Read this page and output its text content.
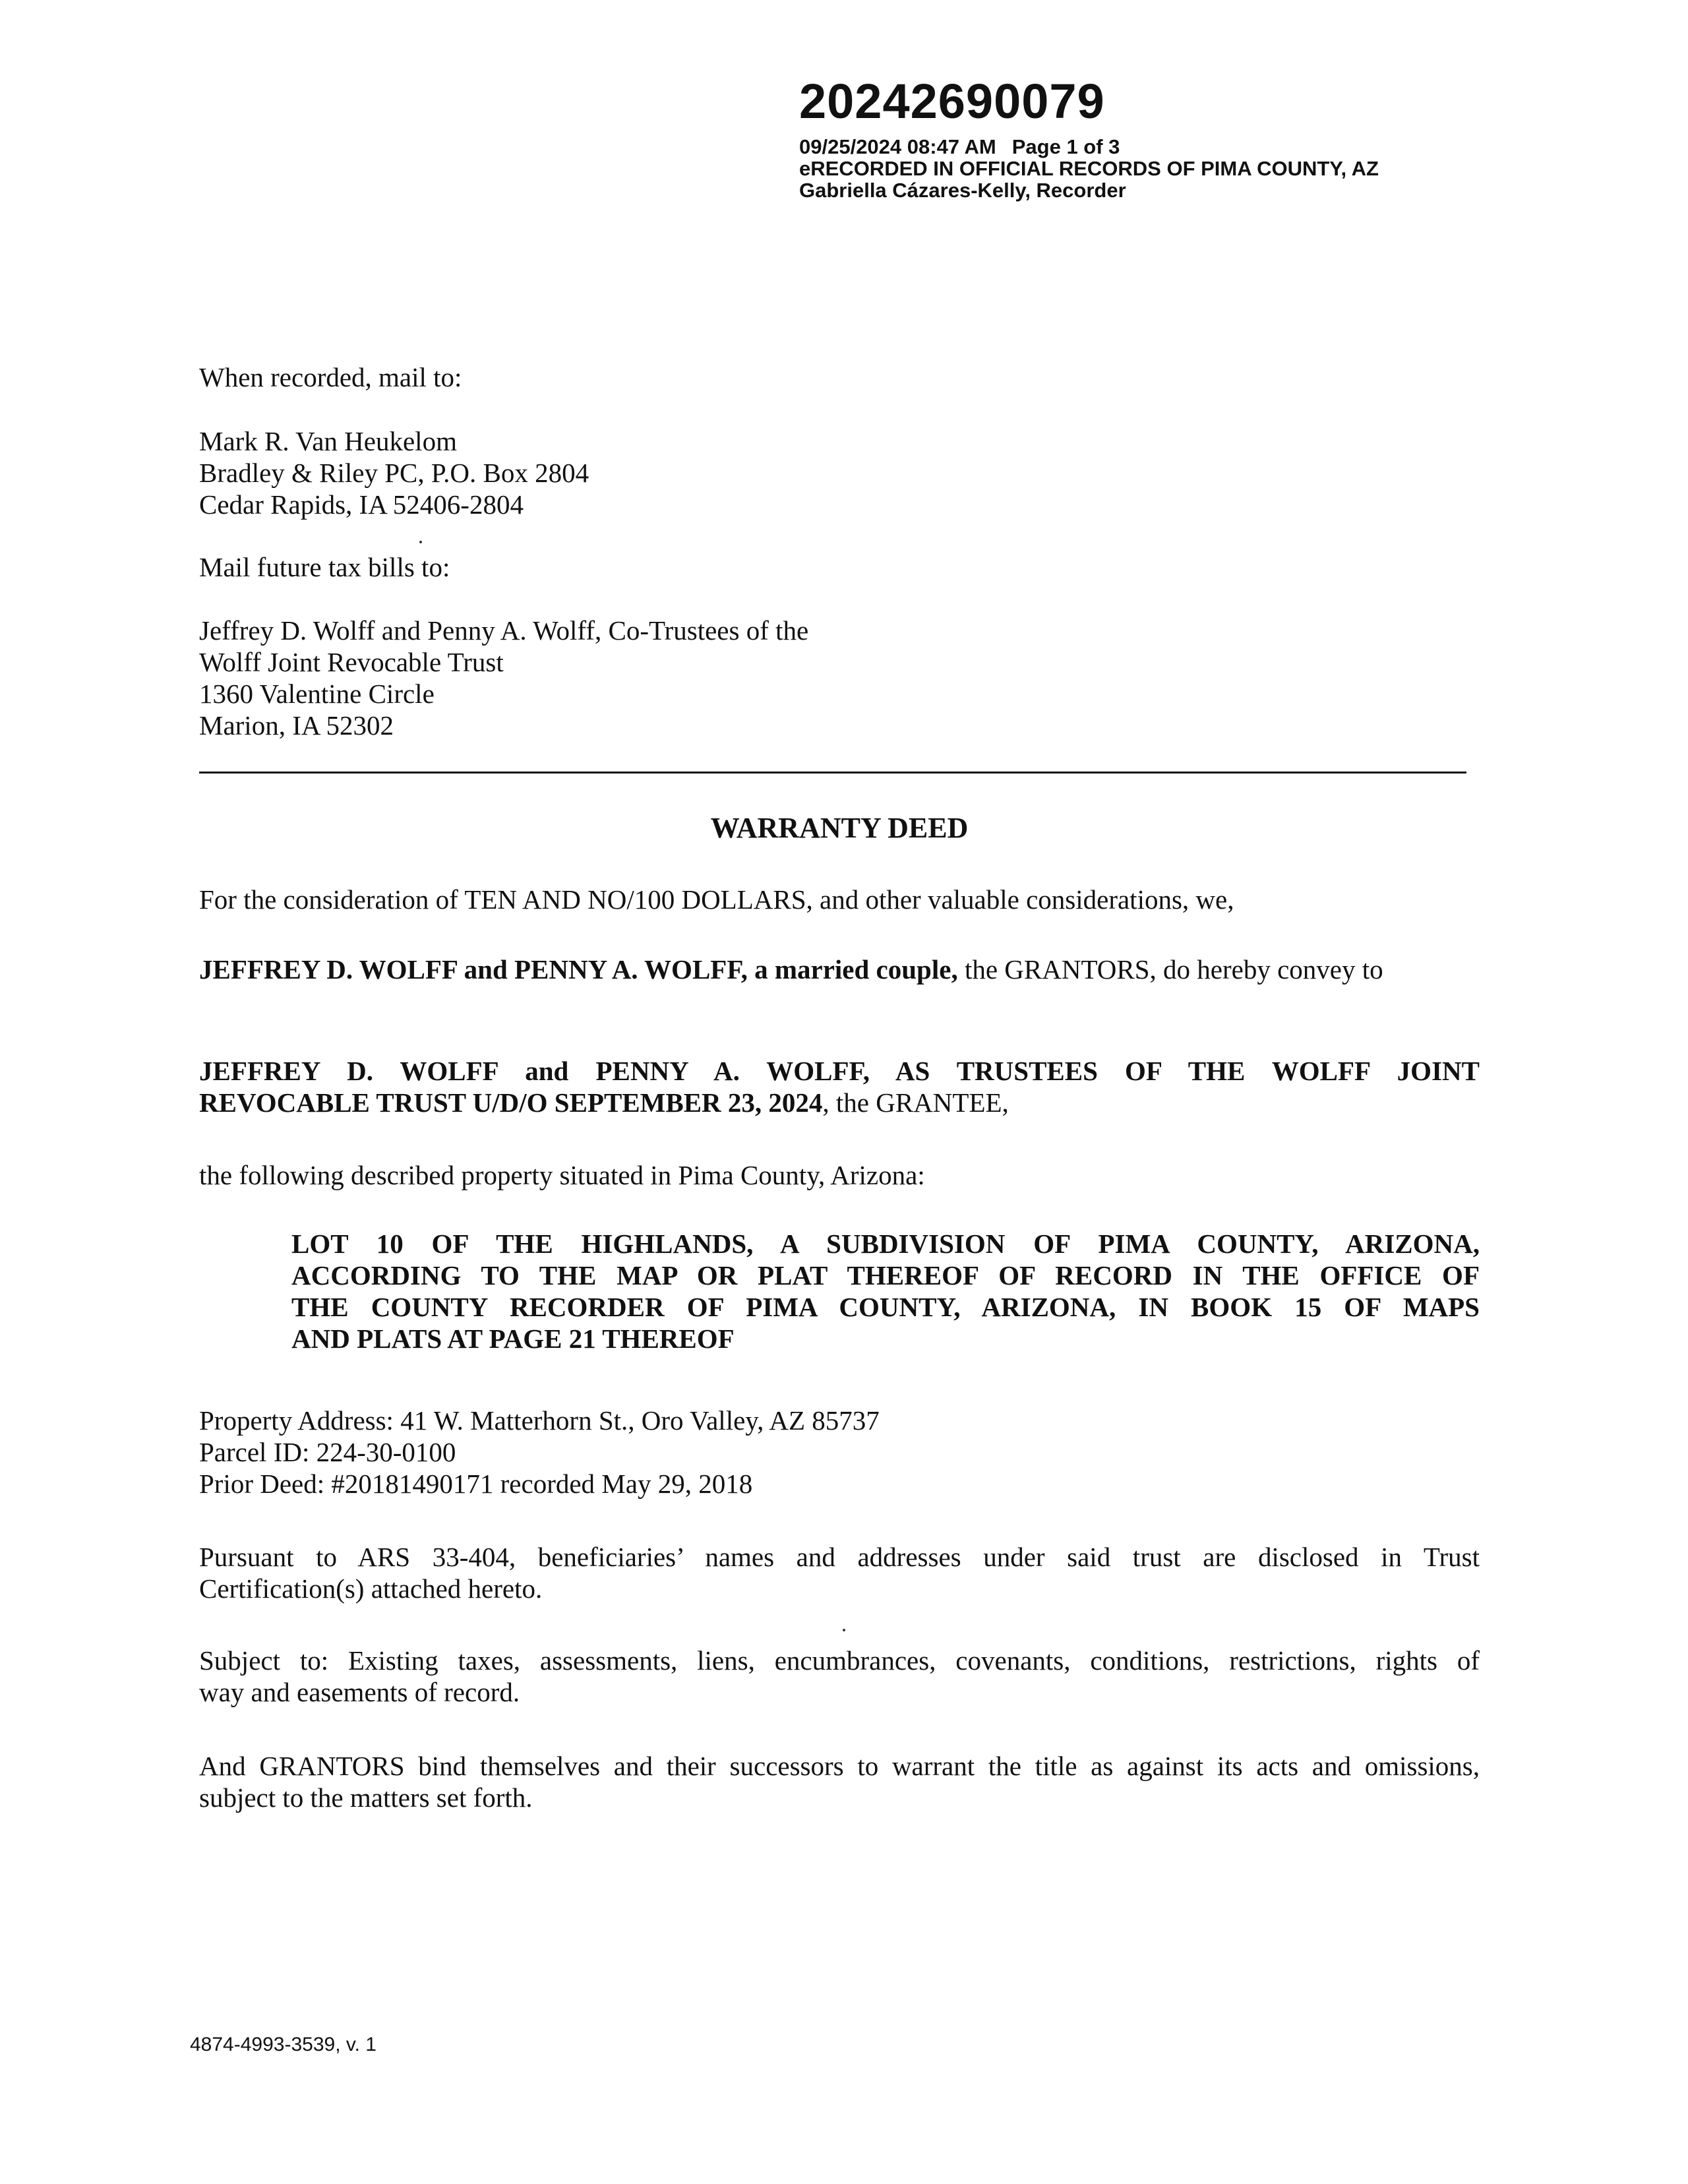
20242690079
09/25/2024 08:47 AM Page 1 of 3
eRECORDED IN OFFICIAL RECORDS OF PIMA COUNTY, AZ
Gabriella Cázares-Kelly, Recorder
When recorded, mail to:
Mark R. Van Heukelom
Bradley & Riley PC, P.O. Box 2804
Cedar Rapids, IA 52406-2804
Mail future tax bills to:
Jeffrey D. Wolff and Penny A. Wolff, Co-Trustees of the
Wolff Joint Revocable Trust
1360 Valentine Circle
Marion, IA 52302
WARRANTY DEED
For the consideration of TEN AND NO/100 DOLLARS, and other valuable considerations, we,
JEFFREY D. WOLFF and PENNY A. WOLFF, a married couple, the GRANTORS, do hereby convey to
JEFFREY D. WOLFF and PENNY A. WOLFF, AS TRUSTEES OF THE WOLFF JOINT
REVOCABLE TRUST U/D/O SEPTEMBER 23, 2024, the GRANTEE,
the following described property situated in Pima County, Arizona:
LOT 10 OF THE HIGHLANDS, A SUBDIVISION OF PIMA COUNTY, ARIZONA,
ACCORDING TO THE MAP OR PLAT THEREOF OF RECORD IN THE OFFICE OF
THE COUNTY RECORDER OF PIMA COUNTY, ARIZONA, IN BOOK 15 OF MAPS
AND PLATS AT PAGE 21 THEREOF
Property Address: 41 W. Matterhorn St., Oro Valley, AZ 85737
Parcel ID: 224-30-0100
Prior Deed: #20181490171 recorded May 29, 2018
Pursuant to ARS 33-404, beneficiaries’ names and addresses under said trust are disclosed in Trust
Certification(s) attached hereto.
Subject to: Existing taxes, assessments, liens, encumbrances, covenants, conditions, restrictions, rights of
way and easements of record.
And GRANTORS bind themselves and their successors to warrant the title as against its acts and omissions,
subject to the matters set forth.
4874-4993-3539, v. 1
